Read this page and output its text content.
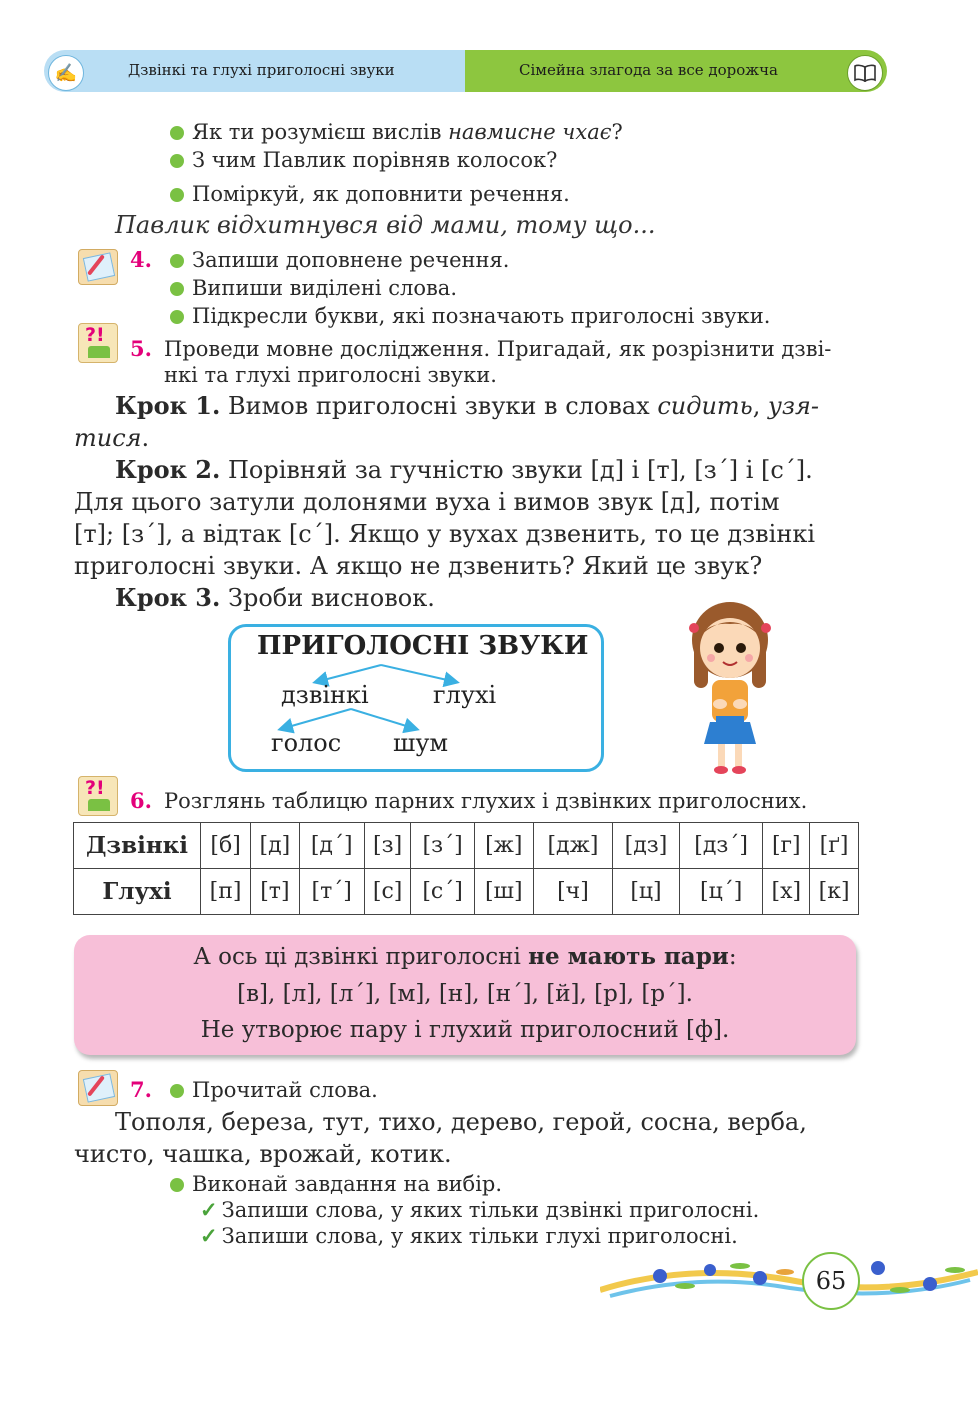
✍	Дзвінкі та глухі приголосні звуки	Сімейна злагода за все дорожча
Як ти розумієш вислів навмисне чхає?
З чим Павлик порівняв колосок?
Поміркуй, як доповнити речення.
Павлик відхитнувся від мами, тому що...
4.	Запиши доповнене речення.
Випиши виділені слова.
Підкресли букви, які позначають приголосні звуки.
?!
5. Проведи мовне дослідження. Пригадай, як розрізнити дзві-
нкі та глухі приголосні звуки.
Крок 1. Вимов приголосні звуки в словах сидить, узя-
тися.
Крок 2. Порівняй за гучністю звуки [д] і [т], [з´] і [с´].
Для цього затули долонями вуха і вимов звук [д], потім
[т]; [з´], а відтак [с´]. Якщо у вухах дзвенить, то це дзвінкі
приголосні звуки. А якщо не дзвенить? Який це звук?
Крок 3. Зроби висновок.
ПРИГОЛОСНІ ЗВУКИ
дзвінкі	глухі
голос шум
?! 6. Розглянь таблицю парних глухих і дзвінких приголосних.
Дзвінкі	[б]	[д]	[д´]	[з]	[з´]	[ж]	[дж]	[дз]	[дз´]	[г]	[ґ]
Глухі	[п]	[т]	[т´]	[с]	[с´]	[ш]	[ч]	[ц]	[ц´]	[х]	[к]
А ось ці дзвінкі приголосні не мають пари:
[в], [л], [л´], [м], [н], [н´], [й], [р], [р´].
Не утворює пару і глухий приголосний [ф].
7.	Прочитай слова.
Тополя, береза, тут, тихо, дерево, герой, сосна, верба,
чисто, чашка, врожай, котик.
Виконай завдання на вибір.
✓ Запиши слова, у яких тільки дзвінкі приголосні.
✓ Запиши слова, у яких тільки глухі приголосні.
65
